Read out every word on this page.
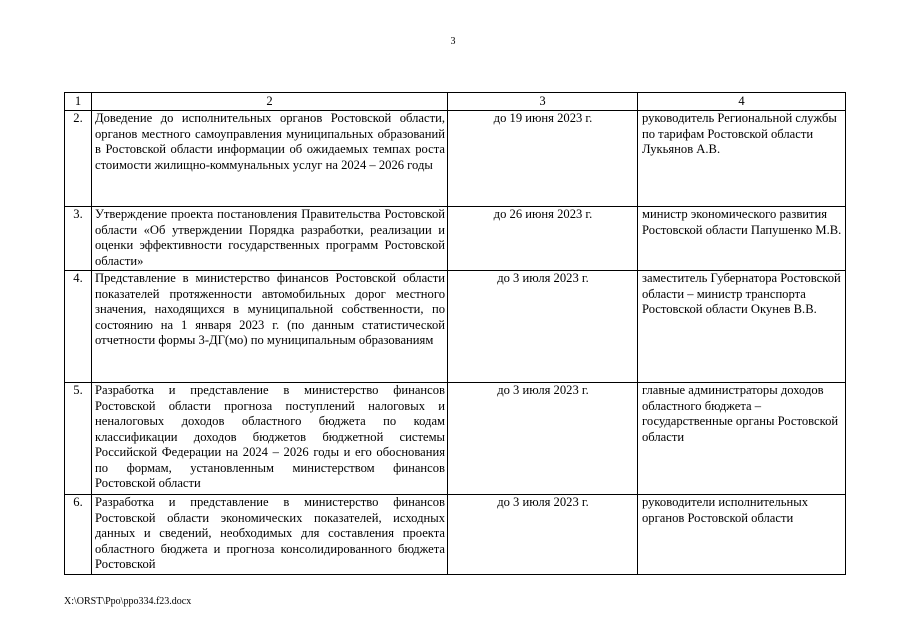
3
1	2	3	4
2.	Доведение до исполнительных органов Ростовской области, органов местного самоуправления муниципальных образований в Ростовской области информации об ожидаемых темпах роста стоимости жилищно-коммунальных услуг на 2024 – 2026 годы	до 19 июня 2023 г.	руководитель Региональной службы по тарифам Ростовской области Лукьянов А.В.
3.	Утверждение проекта постановления Правительства Ростовской области «Об утверждении Порядка разработки, реализации и оценки эффективности государственных программ Ростовской области»	до 26 июня 2023 г.	министр экономического развития Ростовской области Папушенко М.В.
4.	Представление в министерство финансов Ростовской области показателей протяженности автомобильных дорог местного значения, находящихся в муниципальной собственности, по состоянию на 1 января 2023 г. (по данным статистической отчетности формы 3-ДГ(мо) по муниципальным образованиям	до 3 июля 2023 г.	заместитель Губернатора Ростовской области – министр транспорта Ростовской области Окунев В.В.
5.	Разработка и представление в министерство финансов Ростовской области прогноза поступлений налоговых и неналоговых доходов областного бюджета по кодам классификации доходов бюджетов бюджетной системы Российской Федерации на 2024 – 2026 годы и его обоснования по формам, установленным министерством финансов Ростовской области	до 3 июля 2023 г.	главные администраторы доходов областного бюджета – государственные органы Ростовской области
6.	Разработка и представление в министерство финансов Ростовской области экономических показателей, исходных данных и сведений, необходимых для составления проекта областного бюджета и прогноза консолидированного бюджета Ростовской	до 3 июля 2023 г.	руководители исполнительных органов Ростовской области
X:\ORST\Ppo\ppo334.f23.docx
